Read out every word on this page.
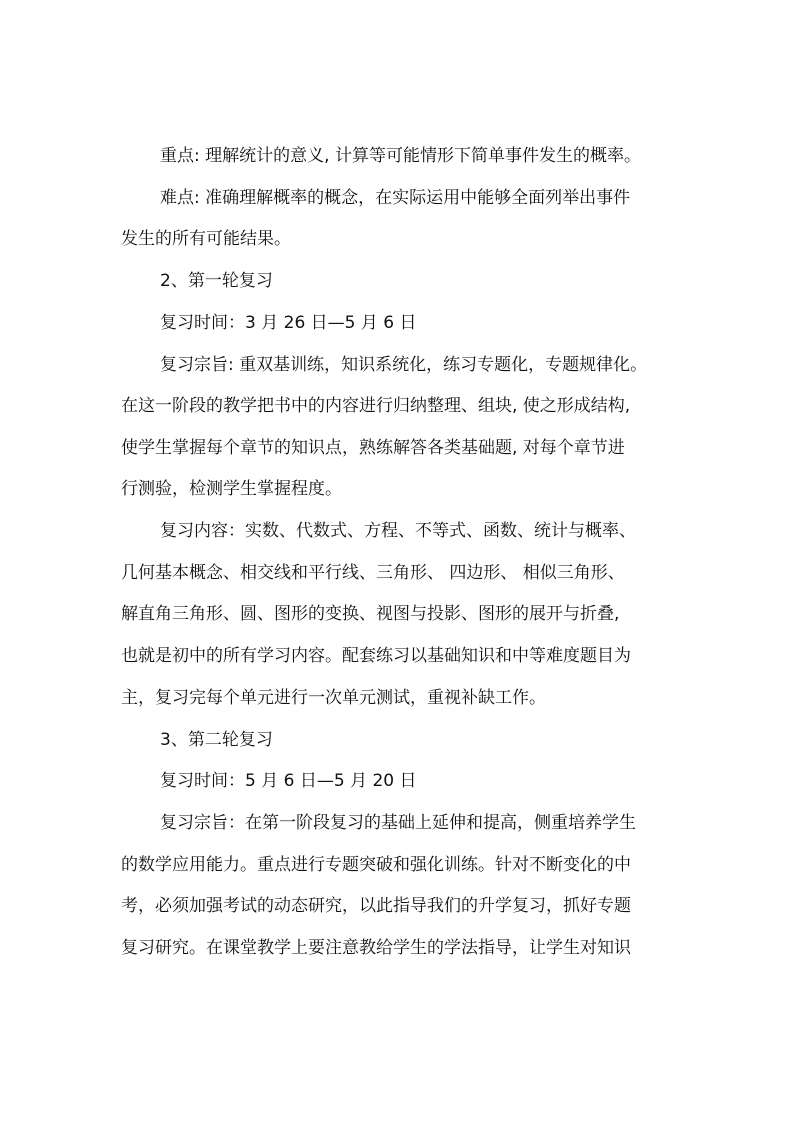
重点: 理解统计的意义, 计算等可能情形下简单事件发生的概率。
难点: 准确理解概率的概念，在实际运用中能够全面列举出事件
发生的所有可能结果。
2、第一轮复习
复习时间：3 月 26 日—5 月 6 日
复习宗旨: 重双基训练，知识系统化，练习专题化，专题规律化。
在这一阶段的教学把书中的内容进行归纳整理、组块, 使之形成结构,
使学生掌握每个章节的知识点，熟练解答各类基础题, 对每个章节进
行测验，检测学生掌握程度。
复习内容：实数、代数式、方程、不等式、函数、统计与概率、
几何基本概念、相交线和平行线、三角形、 四边形、 相似三角形、
解直角三角形、圆、图形的变换、视图与投影、图形的展开与折叠,
也就是初中的所有学习内容。配套练习以基础知识和中等难度题目为
主，复习完每个单元进行一次单元测试，重视补缺工作。
3、第二轮复习
复习时间：5 月 6 日—5 月 20 日
复习宗旨：在第一阶段复习的基础上延伸和提高，侧重培养学生
的数学应用能力。重点进行专题突破和强化训练。针对不断变化的中
考，必须加强考试的动态研究，以此指导我们的升学复习，抓好专题
复习研究。在课堂教学上要注意教给学生的学法指导，让学生对知识
